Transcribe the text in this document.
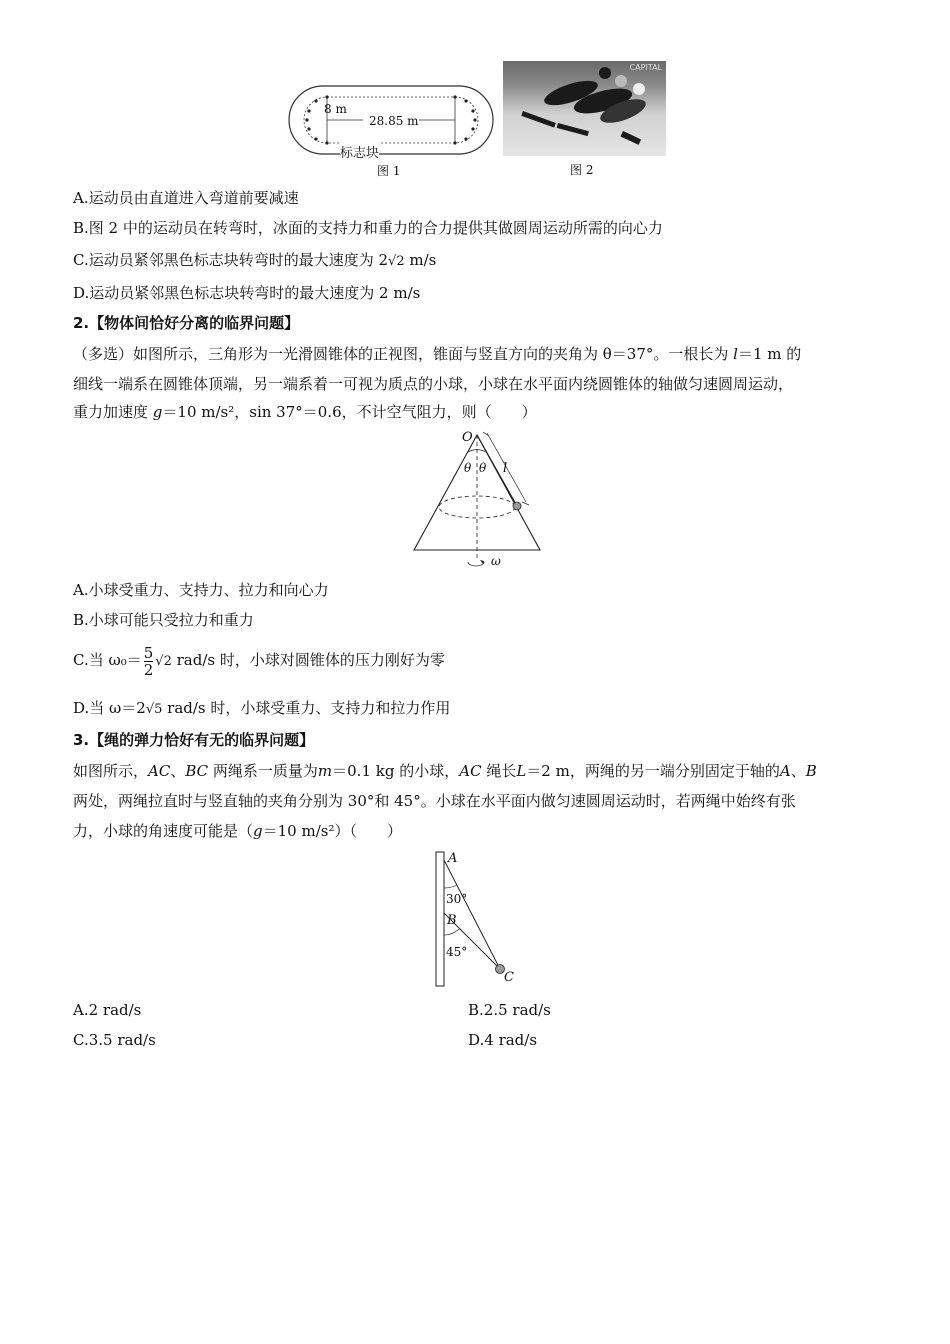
8 m
28.85 m
标志块
图 1
CAPITAL
图 2
A.运动员由直道进入弯道前要减速
B.图 2 中的运动员在转弯时，冰面的支持力和重力的合力提供其做圆周运动所需的向心力
C.运动员紧邻黑色标志块转弯时的最大速度为 2√2 m/s
D.运动员紧邻黑色标志块转弯时的最大速度为 2 m/s
2.【物体间恰好分离的临界问题】
（多选）如图所示，三角形为一光滑圆锥体的正视图，锥面与竖直方向的夹角为 θ＝37°。一根长为 l＝1 m 的
细线一端系在圆锥体顶端，另一端系着一可视为质点的小球，小球在水平面内绕圆锥体的轴做匀速圆周运动，
重力加速度 g＝10 m/s²，sin 37°＝0.6，不计空气阻力，则（　　）
O
θ θ l
ω
A.小球受重力、支持力、拉力和向心力
B.小球可能只受拉力和重力
C.当 $\omega_0= \frac{5}{2} √2$ rad/s 时，小球对圆锥体的压力刚好为零
D.当 ω＝2√5 rad/s 时，小球受重力、支持力和拉力作用
3.【绳的弹力恰好有无的临界问题】
如图所示，AC、BC 两绳系一质量为m＝0.1 kg 的小球，AC 绳长L＝2 m，两绳的另一端分别固定于轴的A、B
两处，两绳拉直时与竖直轴的夹角分别为 30°和 45°。小球在水平面内做匀速圆周运动时，若两绳中始终有张
力，小球的角速度可能是（g＝10 m/s²）（　　）
A
30°
B
45°
C
A.2 rad/s	B.2.5 rad/s
C.3.5 rad/s	D.4 rad/s
